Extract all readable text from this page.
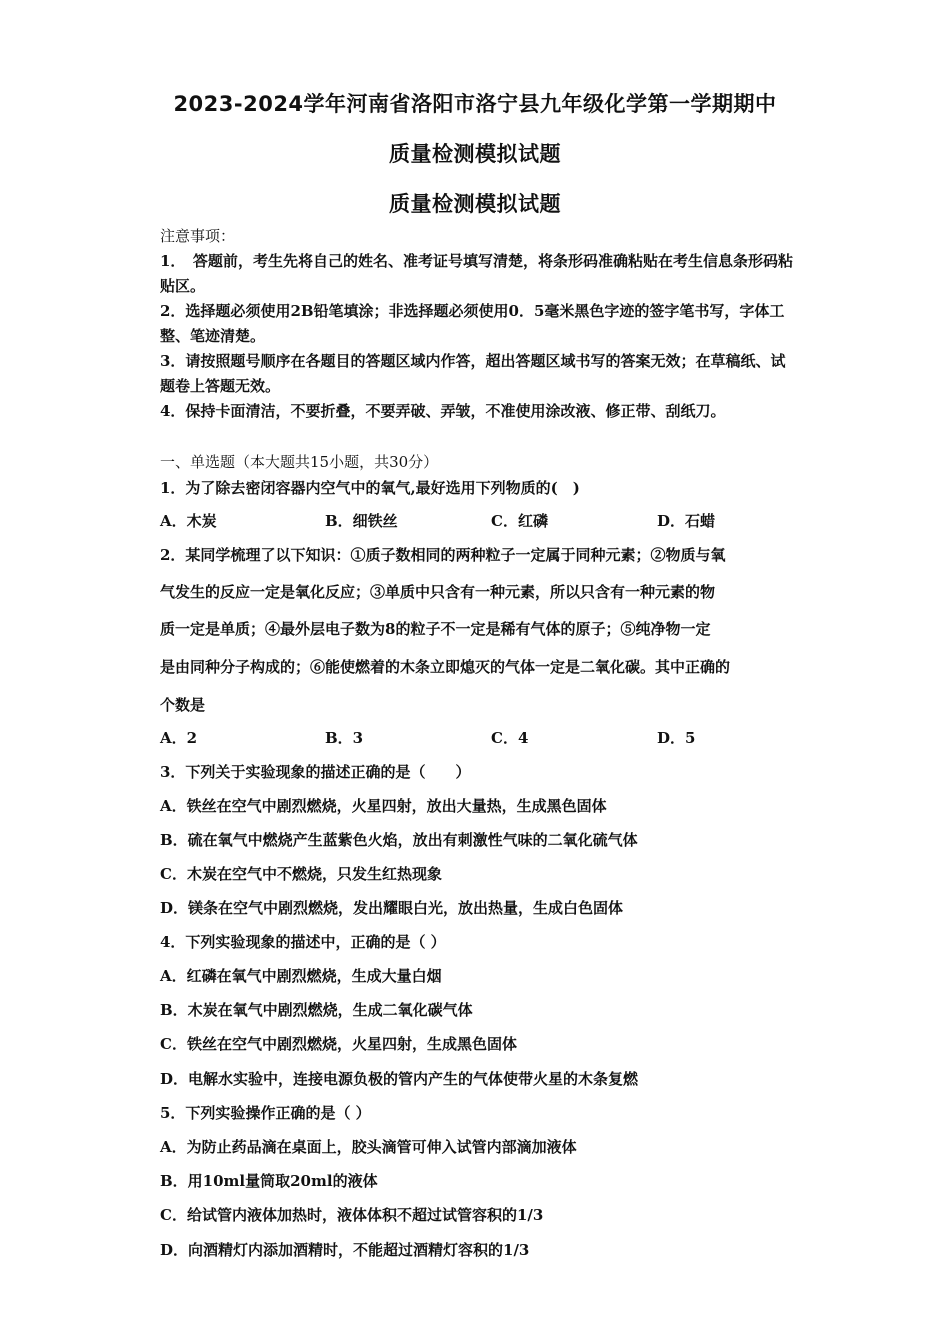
2023-2024学年河南省洛阳市洛宁县九年级化学第一学期期中
质量检测模拟试题
质量检测模拟试题
注意事项：
1．　答题前，考生先将自己的姓名、准考证号填写清楚，将条形码准确粘贴在考生信息条形码粘贴区。
2．选择题必须使用2B铅笔填涂；非选择题必须使用0．5毫米黑色字迹的签字笔书写，字体工整、笔迹清楚。
3．请按照题号顺序在各题目的答题区域内作答，超出答题区域书写的答案无效；在草稿纸、试题卷上答题无效。
4．保持卡面清洁，不要折叠，不要弄破、弄皱，不准使用涂改液、修正带、刮纸刀。
一、单选题（本大题共15小题，共30分）
1．为了除去密闭容器内空气中的氧气,最好选用下列物质的(　)
A．木炭	B．细铁丝	C．红磷	D．石蜡
2．某同学梳理了以下知识：①质子数相同的两种粒子一定属于同种元素；②物质与氧
气发生的反应一定是氧化反应；③单质中只含有一种元素，所以只含有一种元素的物
质一定是单质；④最外层电子数为8的粒子不一定是稀有气体的原子；⑤纯净物一定
是由同种分子构成的；⑥能使燃着的木条立即熄灭的气体一定是二氧化碳。其中正确的
个数是
A．2	B．3	C．4	D．5
3．下列关于实验现象的描述正确的是（　　）
A．铁丝在空气中剧烈燃烧，火星四射，放出大量热，生成黑色固体
B．硫在氧气中燃烧产生蓝紫色火焰，放出有刺激性气味的二氧化硫气体
C．木炭在空气中不燃烧，只发生红热现象
D．镁条在空气中剧烈燃烧，发出耀眼白光，放出热量，生成白色固体
4．下列实验现象的描述中，正确的是（ ）
A．红磷在氧气中剧烈燃烧，生成大量白烟
B．木炭在氧气中剧烈燃烧，生成二氧化碳气体
C．铁丝在空气中剧烈燃烧，火星四射，生成黑色固体
D．电解水实验中，连接电源负极的管内产生的气体使带火星的木条复燃
5．下列实验操作正确的是（ ）
A．为防止药品滴在桌面上，胶头滴管可伸入试管内部滴加液体
B．用10ml量筒取20ml的液体
C．给试管内液体加热时，液体体积不超过试管容积的1/3
D．向酒精灯内添加酒精时，不能超过酒精灯容积的1/3
